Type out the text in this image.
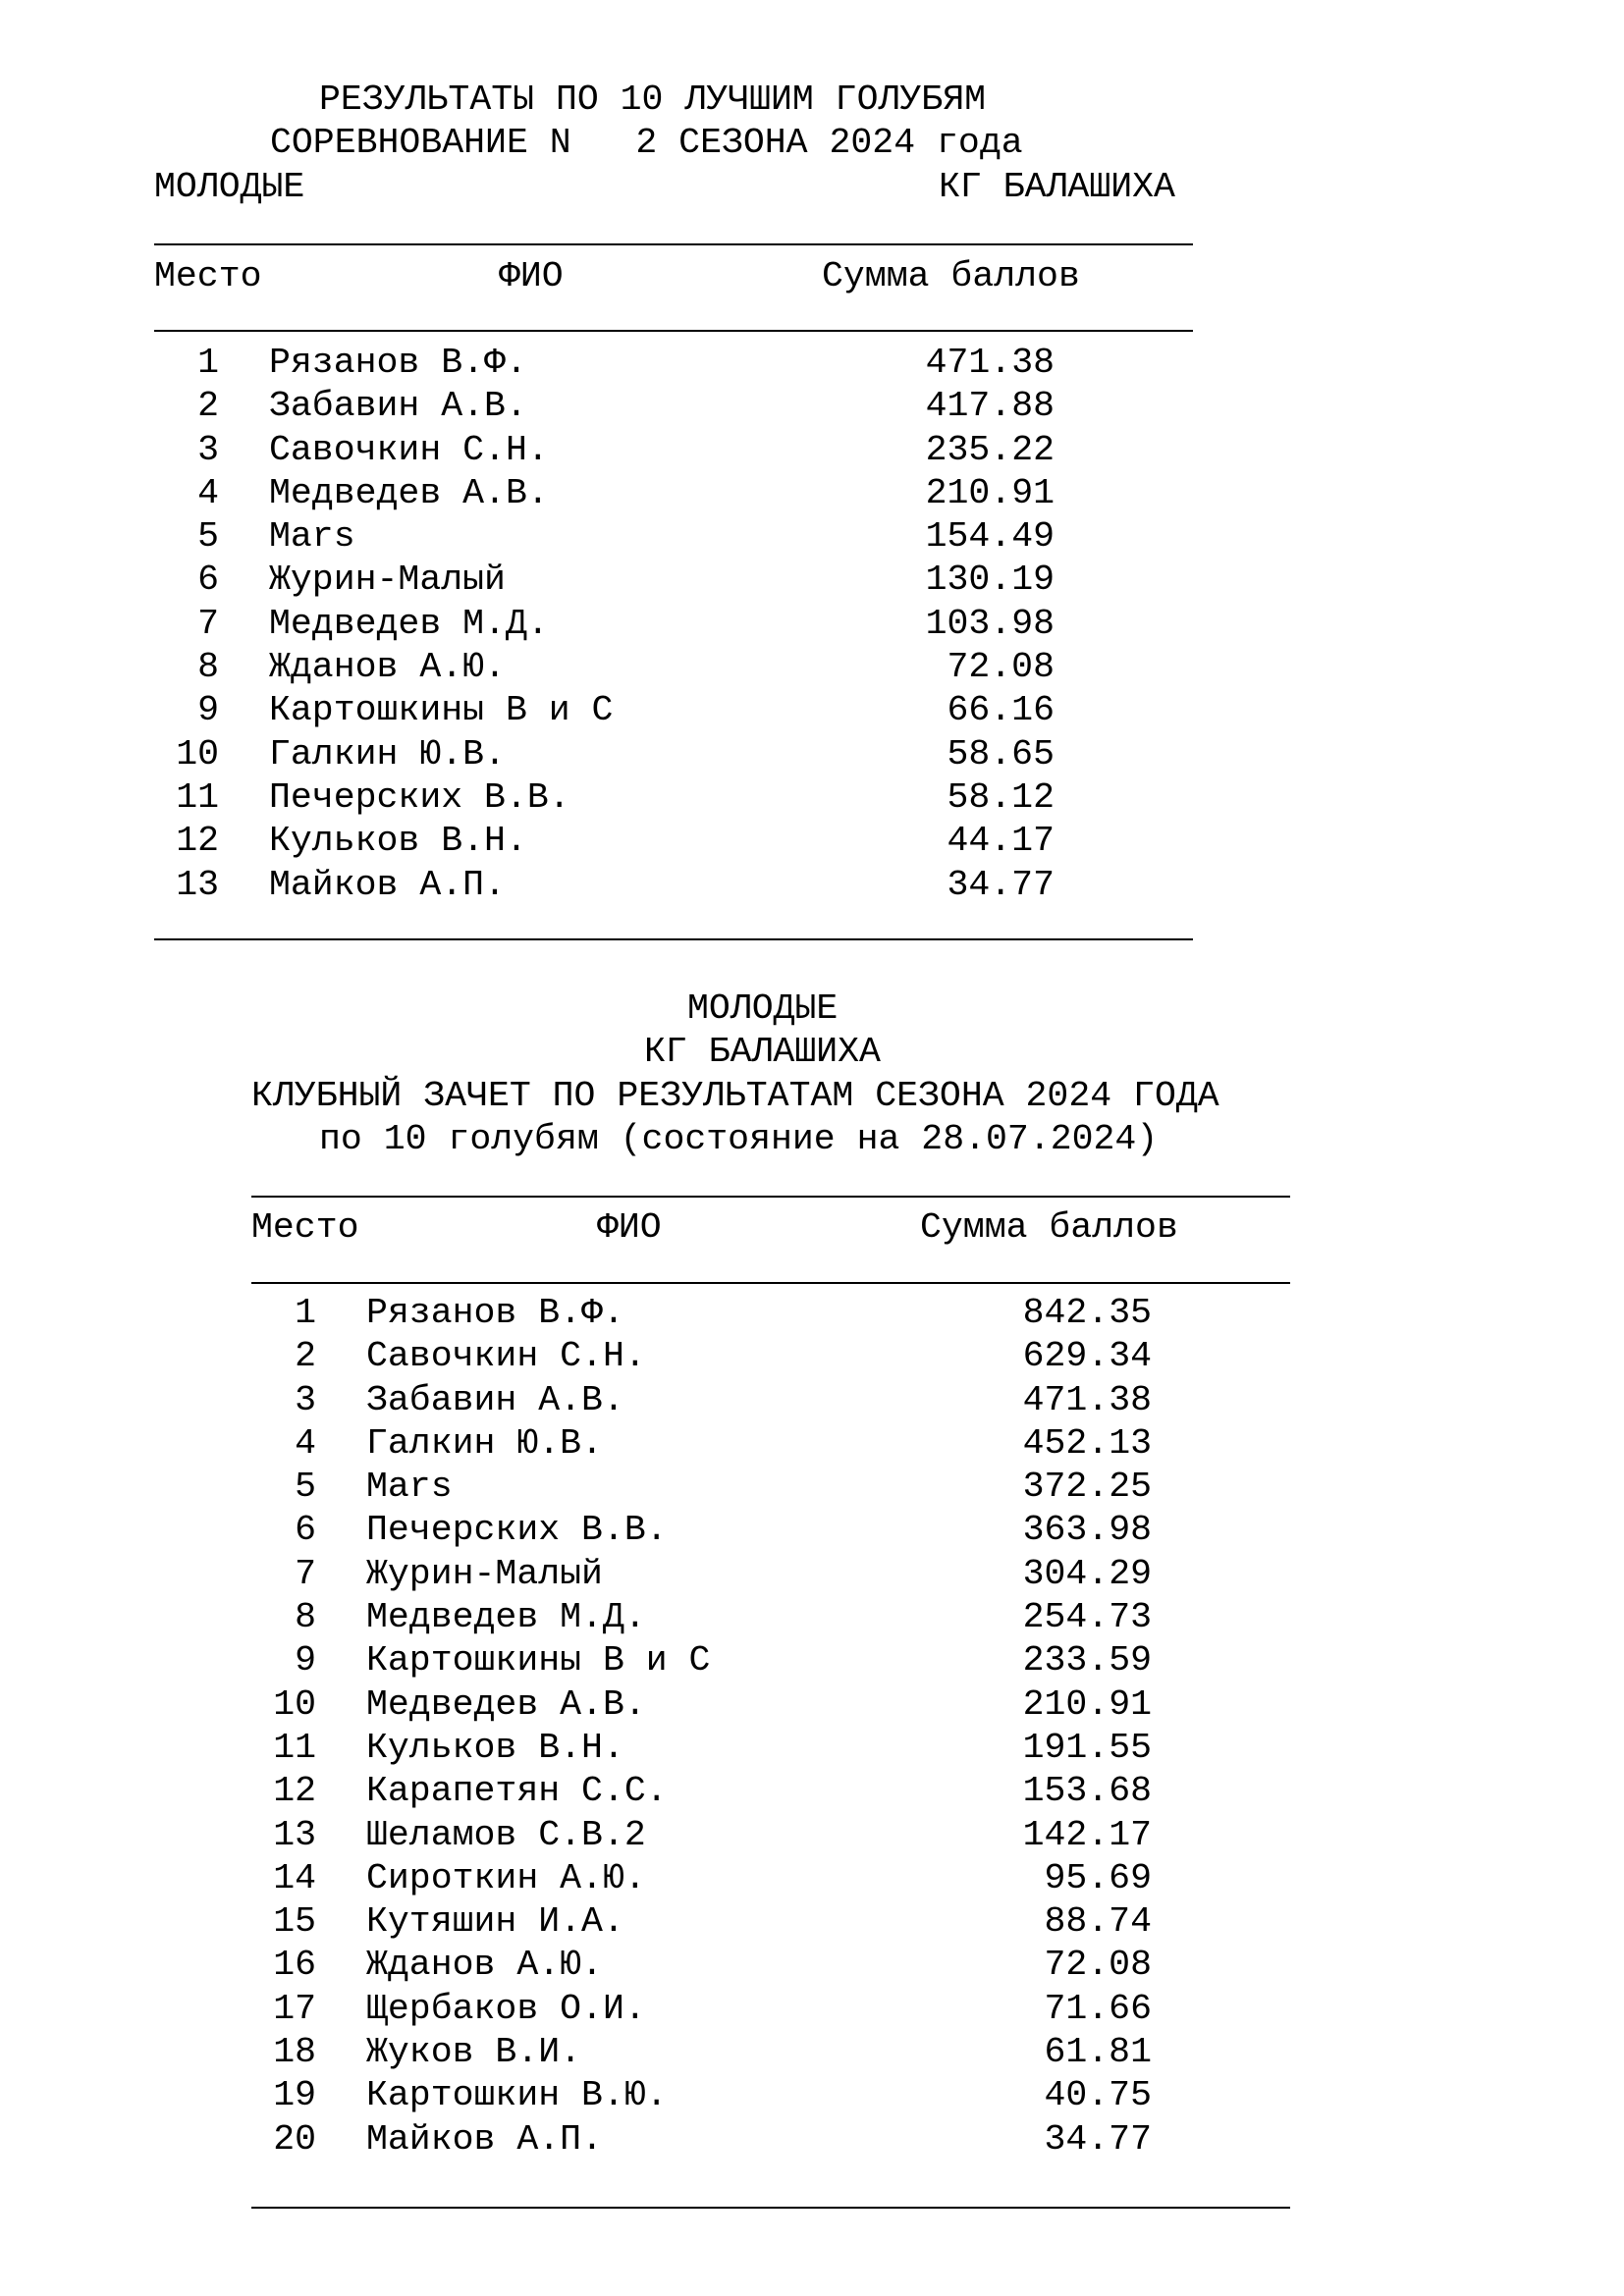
РЕЗУЛЬТАТЫ ПО 10 ЛУЧШИМ ГОЛУБЯМ
СОРЕВНОВАНИЕ N   2 СЕЗОНА 2024 года
МОЛОДЫЕ	КГ БАЛАШИХА
Место	ФИО	Сумма баллов
1 Рязанов В.Ф.	471.38
2 Забавин А.В.	417.88
3 Савочкин С.Н.	235.22
4 Медведев А.В.	210.91
5 Mars	154.49
6 Журин-Малый	130.19
7 Медведев М.Д.	103.98
8 Жданов А.Ю.	72.08
9 Картошкины В и С	66.16
10 Галкин Ю.В.	58.65
11 Печерских В.В.	58.12
12 Кульков В.Н.	44.17
13 Майков А.П.	34.77
МОЛОДЫЕ
КГ БАЛАШИХА
КЛУБНЫЙ ЗАЧЕТ ПО РЕЗУЛЬТАТАМ СЕЗОНА 2024 ГОДА
по 10 голубям (состояние на 28.07.2024)
Место	ФИО	Сумма баллов
1 Рязанов В.Ф.	842.35
2 Савочкин С.Н.	629.34
3 Забавин А.В.	471.38
4 Галкин Ю.В.	452.13
5 Mars	372.25
6 Печерских В.В.	363.98
7 Журин-Малый	304.29
8 Медведев М.Д.	254.73
9 Картошкины В и С	233.59
10 Медведев А.В.	210.91
11 Кульков В.Н.	191.55
12 Карапетян С.С.	153.68
13 Шеламов С.В.2	142.17
14 Сироткин А.Ю.	95.69
15 Кутяшин И.А.	88.74
16 Жданов А.Ю.	72.08
17 Щербаков О.И.	71.66
18 Жуков В.И.	61.81
19 Картошкин В.Ю.	40.75
20 Майков А.П.	34.77
